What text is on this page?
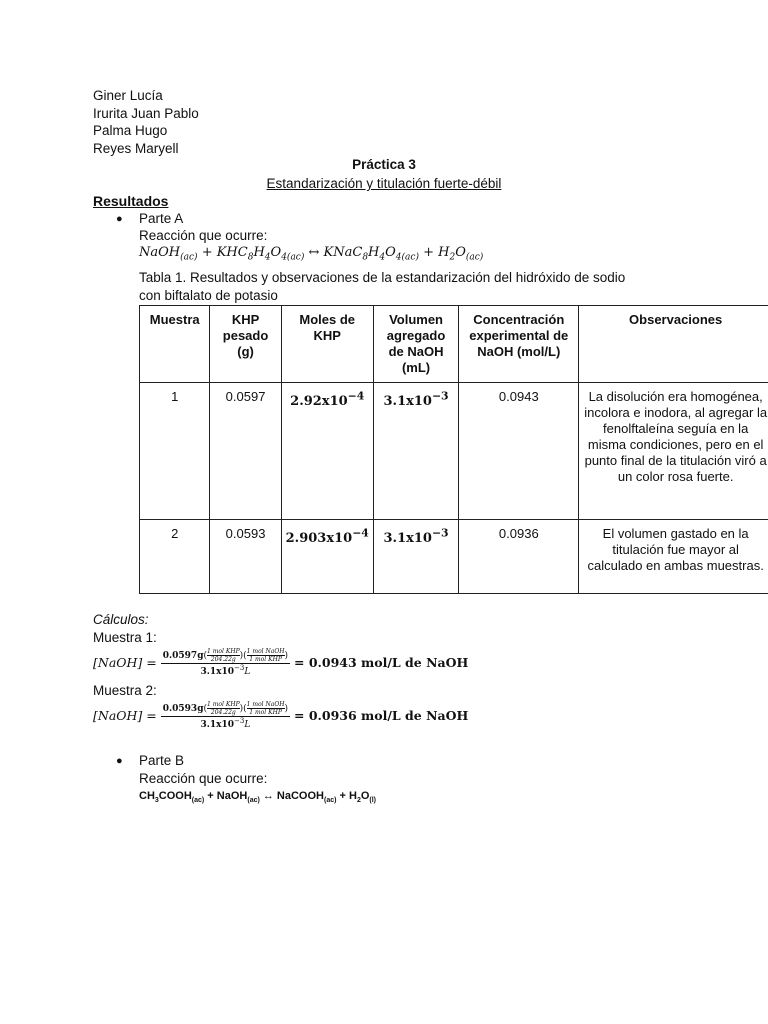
Giner Lucía
Irurita Juan Pablo
Palma Hugo
Reyes Maryell
Práctica 3
Estandarización y titulación fuerte-débil
Resultados
● Parte A
Reacción que ocurre:
NaOH$_{(ac)}$ + $KHC_8H_4O_{4(ac)}$ ↔ $KNaC_8H_4O_{4(ac)} + H_2O_{(ac)}$
Tabla 1. Resultados y observaciones de la estandarización del hidróxido de sodio
con biftalato de potasio
Muestra	KHP pesado (g)	Moles de KHP	Volumen agregado de NaOH (mL)	Concentración experimental de NaOH (mol/L)	Observaciones
1	0.0597	$2.92x10^{-4}$	$3.1x10^{-3}$	0.0943	La disolución era homogénea, incolora e inodora, al agregar la fenolftaleína seguía en la misma condiciones, pero en el punto final de la titulación viró a un color rosa fuerte.
2	0.0593	$2.903x10^{-4}$	$3.1x10^{-3}$	0.0936	El volumen gastado en la titulación fue mayor al calculado en ambas muestras.
Cálculos:
Muestra 1:
[NaOH] = $\frac{0.0597g( \frac{\text{1 mol KHP}}{204.22g} )( \frac{\text{1 mol NaOH}}{\text{1 mol KHP}} )}{3.1x10^{-3}L} = 0.0943$ mol/L de NaOH
Muestra 2:
[NaOH] = $\frac{0.0593g( \frac{\text{1 mol KHP}}{204.22g} )( \frac{\text{1 mol NaOH}}{\text{1 mol KHP}} )}{3.1x10^{-3}L} = 0.0936$ mol/L de NaOH
● Parte B
Reacción que ocurre:
$CH_3COOH_{(ac)}$ + NaOH$_{(ac)}$ ↔ NaCOOH$_{(ac)}$ + $H_2O_{(l)}$
